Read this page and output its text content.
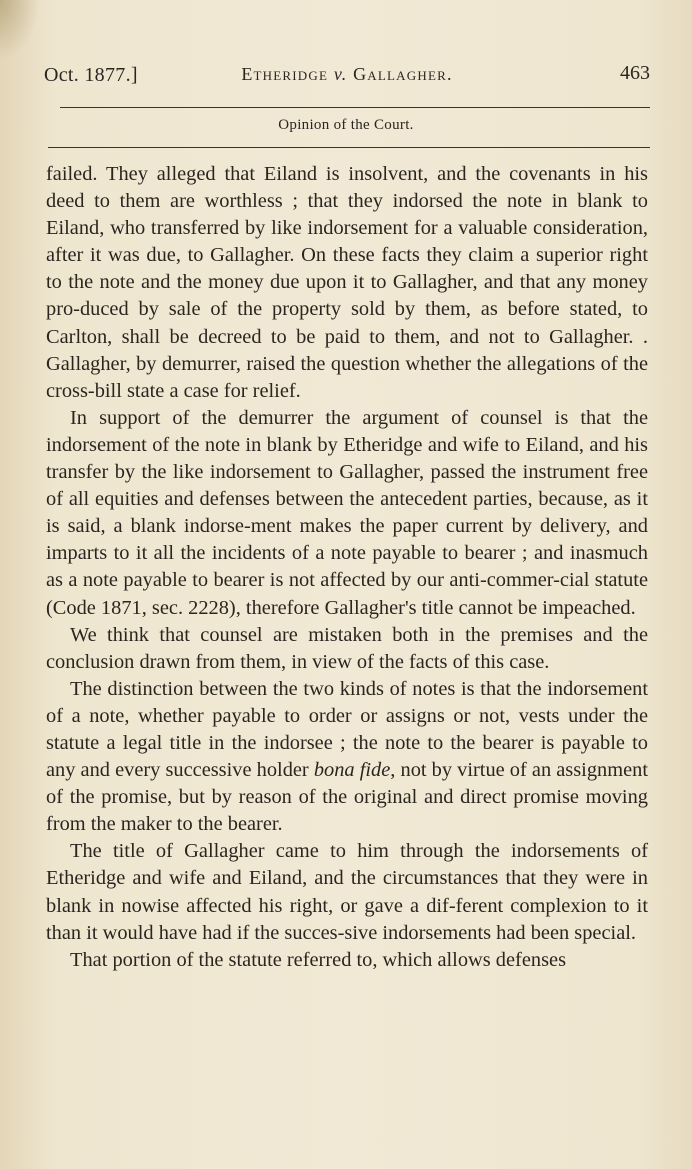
Oct. 1877.]	Etheridge v. Gallagher.	463
Opinion of the Court.

failed. They alleged that Eiland is insolvent, and the covenants in his deed to them are worthless ; that they indorsed the note in blank to Eiland, who transferred by like indorsement for a valuable consideration, after it was due, to Gallagher. On these facts they claim a superior right to the note and the money due upon it to Gallagher, and that any money pro-duced by sale of the property sold by them, as before stated, to Carlton, shall be decreed to be paid to them, and not to Gallagher. . Gallagher, by demurrer, raised the question whether the allegations of the cross-bill state a case for relief.

In support of the demurrer the argument of counsel is that the indorsement of the note in blank by Etheridge and wife to Eiland, and his transfer by the like indorsement to Gallagher, passed the instrument free of all equities and defenses between the antecedent parties, because, as it is said, a blank indorse-ment makes the paper current by delivery, and imparts to it all the incidents of a note payable to bearer ; and inasmuch as a note payable to bearer is not affected by our anti-commer-cial statute (Code 1871, sec. 2228), therefore Gallagher's title cannot be impeached.

We think that counsel are mistaken both in the premises and the conclusion drawn from them, in view of the facts of this case.

The distinction between the two kinds of notes is that the indorsement of a note, whether payable to order or assigns or not, vests under the statute a legal title in the indorsee ; the note to the bearer is payable to any and every successive holder bona fide, not by virtue of an assignment of the promise, but by reason of the original and direct promise moving from the maker to the bearer.

The title of Gallagher came to him through the indorsements of Etheridge and wife and Eiland, and the circumstances that they were in blank in nowise affected his right, or gave a dif-ferent complexion to it than it would have had if the succes-sive indorsements had been special.

That portion of the statute referred to, which allows defenses
